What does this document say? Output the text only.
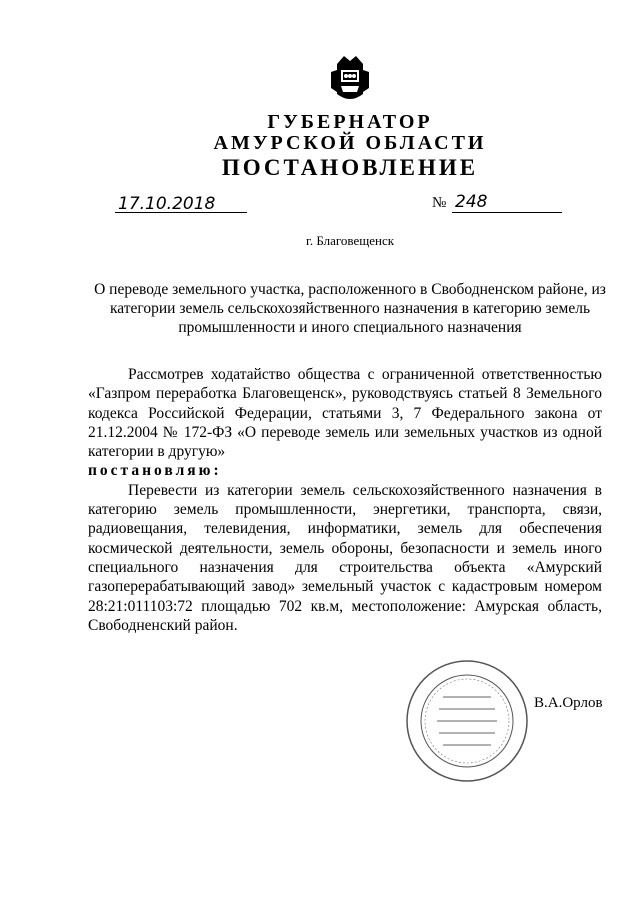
ГУБЕРНАТОР
АМУРСКОЙ ОБЛАСТИ
ПОСТАНОВЛЕНИЕ
17.10.2018	№ 248
г. Благовещенск
О переводе земельного участка, расположенного в Свободненском районе, из категории земель сельскохозяйственного назначения в категорию земель промышленности и иного специального назначения

Рассмотрев ходатайство общества с ограниченной ответственностью «Газпром переработка Благовещенск», руководствуясь статьей 8 Земельного кодекса Российской Федерации, статьями 3, 7 Федерального закона от 21.12.2004 № 172-ФЗ «О переводе земель или земельных участков из одной категории в другую»

постановляю:

Перевести из категории земель сельскохозяйственного назначения в категорию земель промышленности, энергетики, транспорта, связи, радиовещания, телевидения, информатики, земель для обеспечения космической деятельности, земель обороны, безопасности и земель иного специального назначения для строительства объекта «Амурский газоперерабатывающий завод» земельный участок с кадастровым номером 28:21:011103:72 площадью 702 кв.м, местоположение: Амурская область, Свободненский район.

В.А.Орлов
